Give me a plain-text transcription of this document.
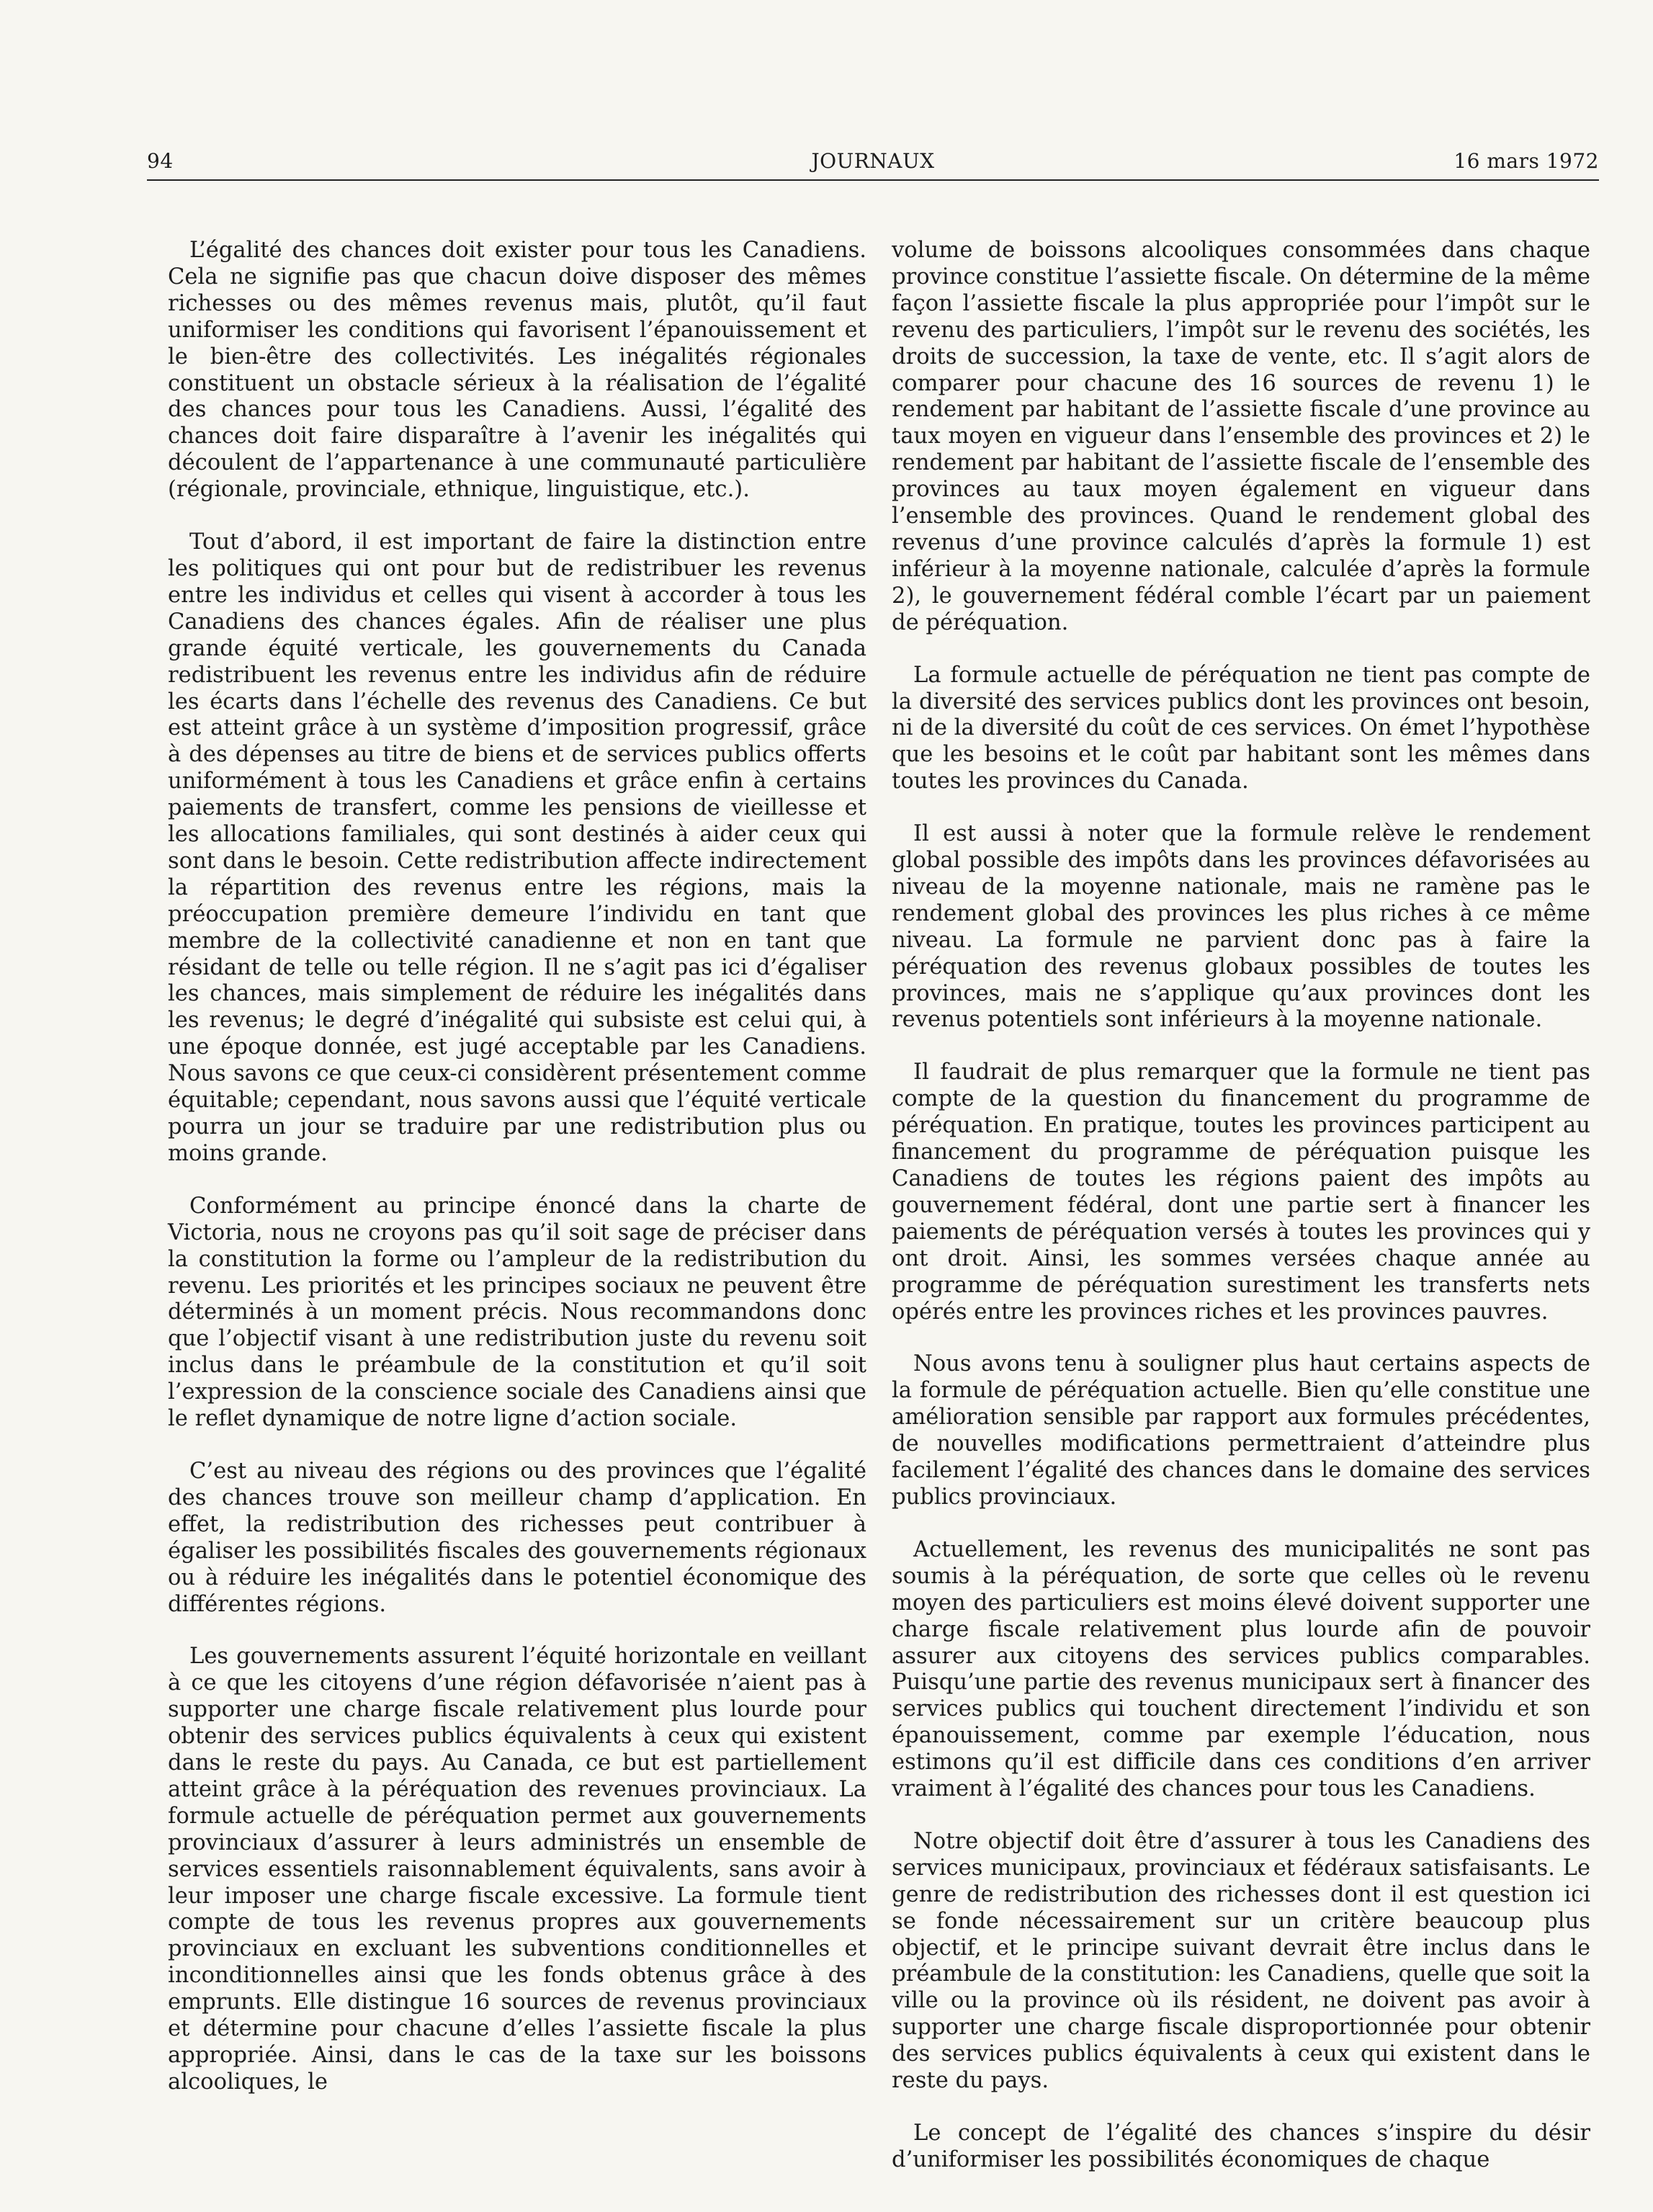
94	JOURNAUX	16 mars 1972

L’égalité des chances doit exister pour tous les Canadiens. Cela ne signifie pas que chacun doive disposer des mêmes richesses ou des mêmes revenus mais, plutôt, qu’il faut uniformiser les conditions qui favorisent l’épanouissement et le bien-être des collectivités. Les inégalités régionales constituent un obstacle sérieux à la réalisation de l’égalité des chances pour tous les Canadiens. Aussi, l’égalité des chances doit faire disparaître à l’avenir les inégalités qui découlent de l’appartenance à une communauté particulière (régionale, provinciale, ethnique, linguistique, etc.).

Tout d’abord, il est important de faire la distinction entre les politiques qui ont pour but de redistribuer les revenus entre les individus et celles qui visent à accorder à tous les Canadiens des chances égales. Afin de réaliser une plus grande équité verticale, les gouvernements du Canada redistribuent les revenus entre les individus afin de réduire les écarts dans l’échelle des revenus des Canadiens. Ce but est atteint grâce à un système d’imposition progressif, grâce à des dépenses au titre de biens et de services publics offerts uniformément à tous les Canadiens et grâce enfin à certains paiements de transfert, comme les pensions de vieillesse et les allocations familiales, qui sont destinés à aider ceux qui sont dans le besoin. Cette redistribution affecte indirectement la répartition des revenus entre les régions, mais la préoccupation première demeure l’individu en tant que membre de la collectivité canadienne et non en tant que résidant de telle ou telle région. Il ne s’agit pas ici d’égaliser les chances, mais simplement de réduire les inégalités dans les revenus; le degré d’inégalité qui subsiste est celui qui, à une époque donnée, est jugé acceptable par les Canadiens. Nous savons ce que ceux-ci considèrent présentement comme équitable; cependant, nous savons aussi que l’équité verticale pourra un jour se traduire par une redistribution plus ou moins grande.

Conformément au principe énoncé dans la charte de Victoria, nous ne croyons pas qu’il soit sage de préciser dans la constitution la forme ou l’ampleur de la redistribution du revenu. Les priorités et les principes sociaux ne peuvent être déterminés à un moment précis. Nous recommandons donc que l’objectif visant à une redistribution juste du revenu soit inclus dans le préambule de la constitution et qu’il soit l’expression de la conscience sociale des Canadiens ainsi que le reflet dynamique de notre ligne d’action sociale.

C’est au niveau des régions ou des provinces que l’égalité des chances trouve son meilleur champ d’application. En effet, la redistribution des richesses peut contribuer à égaliser les possibilités fiscales des gouvernements régionaux ou à réduire les inégalités dans le potentiel économique des différentes régions.

Les gouvernements assurent l’équité horizontale en veillant à ce que les citoyens d’une région défavorisée n’aient pas à supporter une charge fiscale relativement plus lourde pour obtenir des services publics équivalents à ceux qui existent dans le reste du pays. Au Canada, ce but est partiellement atteint grâce à la péréquation des revenues provinciaux. La formule actuelle de péréquation permet aux gouvernements provinciaux d’assurer à leurs administrés un ensemble de services essentiels raisonnablement équivalents, sans avoir à leur imposer une charge fiscale excessive. La formule tient compte de tous les revenus propres aux gouvernements provinciaux en excluant les subventions conditionnelles et inconditionnelles ainsi que les fonds obtenus grâce à des emprunts. Elle distingue 16 sources de revenus provinciaux et détermine pour chacune d’elles l’assiette fiscale la plus appropriée. Ainsi, dans le cas de la taxe sur les boissons alcooliques, le

volume de boissons alcooliques consommées dans chaque province constitue l’assiette fiscale. On détermine de la même façon l’assiette fiscale la plus appropriée pour l’impôt sur le revenu des particuliers, l’impôt sur le revenu des sociétés, les droits de succession, la taxe de vente, etc. Il s’agit alors de comparer pour chacune des 16 sources de revenu 1) le rendement par habitant de l’assiette fiscale d’une province au taux moyen en vigueur dans l’ensemble des provinces et 2) le rendement par habitant de l’assiette fiscale de l’ensemble des provinces au taux moyen également en vigueur dans l’ensemble des provinces. Quand le rendement global des revenus d’une province calculés d’après la formule 1) est inférieur à la moyenne nationale, calculée d’après la formule 2), le gouvernement fédéral comble l’écart par un paiement de péréquation.

La formule actuelle de péréquation ne tient pas compte de la diversité des services publics dont les provinces ont besoin, ni de la diversité du coût de ces services. On émet l’hypothèse que les besoins et le coût par habitant sont les mêmes dans toutes les provinces du Canada.

Il est aussi à noter que la formule relève le rendement global possible des impôts dans les provinces défavorisées au niveau de la moyenne nationale, mais ne ramène pas le rendement global des provinces les plus riches à ce même niveau. La formule ne parvient donc pas à faire la péréquation des revenus globaux possibles de toutes les provinces, mais ne s’applique qu’aux provinces dont les revenus potentiels sont inférieurs à la moyenne nationale.

Il faudrait de plus remarquer que la formule ne tient pas compte de la question du financement du programme de péréquation. En pratique, toutes les provinces participent au financement du programme de péréquation puisque les Canadiens de toutes les régions paient des impôts au gouvernement fédéral, dont une partie sert à financer les paiements de péréquation versés à toutes les provinces qui y ont droit. Ainsi, les sommes versées chaque année au programme de péréquation surestiment les transferts nets opérés entre les provinces riches et les provinces pauvres.

Nous avons tenu à souligner plus haut certains aspects de la formule de péréquation actuelle. Bien qu’elle constitue une amélioration sensible par rapport aux formules précédentes, de nouvelles modifications permettraient d’atteindre plus facilement l’égalité des chances dans le domaine des services publics provinciaux.

Actuellement, les revenus des municipalités ne sont pas soumis à la péréquation, de sorte que celles où le revenu moyen des particuliers est moins élevé doivent supporter une charge fiscale relativement plus lourde afin de pouvoir assurer aux citoyens des services publics comparables. Puisqu’une partie des revenus municipaux sert à financer des services publics qui touchent directement l’individu et son épanouissement, comme par exemple l’éducation, nous estimons qu’il est difficile dans ces conditions d’en arriver vraiment à l’égalité des chances pour tous les Canadiens.

Notre objectif doit être d’assurer à tous les Canadiens des services municipaux, provinciaux et fédéraux satisfaisants. Le genre de redistribution des richesses dont il est question ici se fonde nécessairement sur un critère beaucoup plus objectif, et le principe suivant devrait être inclus dans le préambule de la constitution: les Canadiens, quelle que soit la ville ou la province où ils résident, ne doivent pas avoir à supporter une charge fiscale disproportionnée pour obtenir des services publics équivalents à ceux qui existent dans le reste du pays.

Le concept de l’égalité des chances s’inspire du désir d’uniformiser les possibilités économiques de chaque
